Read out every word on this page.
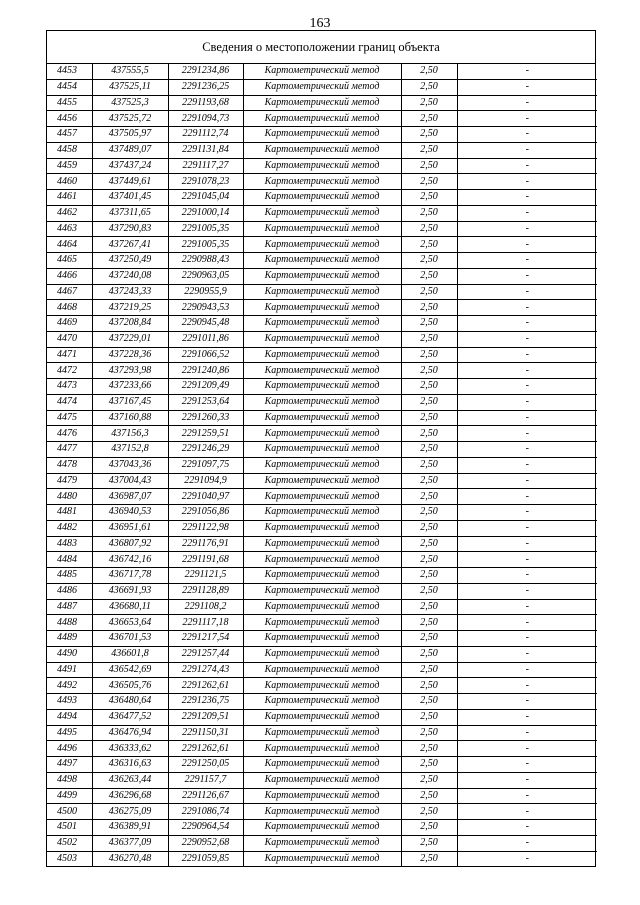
163
Сведения о местоположении границ объекта
4453	437555,5	2291234,86	Картометрический метод	2,50	-
4454	437525,11	2291236,25	Картометрический метод	2,50	-
4455	437525,3	2291193,68	Картометрический метод	2,50	-
4456	437525,72	2291094,73	Картометрический метод	2,50	-
4457	437505,97	2291112,74	Картометрический метод	2,50	-
4458	437489,07	2291131,84	Картометрический метод	2,50	-
4459	437437,24	2291117,27	Картометрический метод	2,50	-
4460	437449,61	2291078,23	Картометрический метод	2,50	-
4461	437401,45	2291045,04	Картометрический метод	2,50	-
4462	437311,65	2291000,14	Картометрический метод	2,50	-
4463	437290,83	2291005,35	Картометрический метод	2,50	-
4464	437267,41	2291005,35	Картометрический метод	2,50	-
4465	437250,49	2290988,43	Картометрический метод	2,50	-
4466	437240,08	2290963,05	Картометрический метод	2,50	-
4467	437243,33	2290955,9	Картометрический метод	2,50	-
4468	437219,25	2290943,53	Картометрический метод	2,50	-
4469	437208,84	2290945,48	Картометрический метод	2,50	-
4470	437229,01	2291011,86	Картометрический метод	2,50	-
4471	437228,36	2291066,52	Картометрический метод	2,50	-
4472	437293,98	2291240,86	Картометрический метод	2,50	-
4473	437233,66	2291209,49	Картометрический метод	2,50	-
4474	437167,45	2291253,64	Картометрический метод	2,50	-
4475	437160,88	2291260,33	Картометрический метод	2,50	-
4476	437156,3	2291259,51	Картометрический метод	2,50	-
4477	437152,8	2291246,29	Картометрический метод	2,50	-
4478	437043,36	2291097,75	Картометрический метод	2,50	-
4479	437004,43	2291094,9	Картометрический метод	2,50	-
4480	436987,07	2291040,97	Картометрический метод	2,50	-
4481	436940,53	2291056,86	Картометрический метод	2,50	-
4482	436951,61	2291122,98	Картометрический метод	2,50	-
4483	436807,92	2291176,91	Картометрический метод	2,50	-
4484	436742,16	2291191,68	Картометрический метод	2,50	-
4485	436717,78	2291121,5	Картометрический метод	2,50	-
4486	436691,93	2291128,89	Картометрический метод	2,50	-
4487	436680,11	2291108,2	Картометрический метод	2,50	-
4488	436653,64	2291117,18	Картометрический метод	2,50	-
4489	436701,53	2291217,54	Картометрический метод	2,50	-
4490	436601,8	2291257,44	Картометрический метод	2,50	-
4491	436542,69	2291274,43	Картометрический метод	2,50	-
4492	436505,76	2291262,61	Картометрический метод	2,50	-
4493	436480,64	2291236,75	Картометрический метод	2,50	-
4494	436477,52	2291209,51	Картометрический метод	2,50	-
4495	436476,94	2291150,31	Картометрический метод	2,50	-
4496	436333,62	2291262,61	Картометрический метод	2,50	-
4497	436316,63	2291250,05	Картометрический метод	2,50	-
4498	436263,44	2291157,7	Картометрический метод	2,50	-
4499	436296,68	2291126,67	Картометрический метод	2,50	-
4500	436275,09	2291086,74	Картометрический метод	2,50	-
4501	436389,91	2290964,54	Картометрический метод	2,50	-
4502	436377,09	2290952,68	Картометрический метод	2,50	-
4503	436270,48	2291059,85	Картометрический метод	2,50	-
